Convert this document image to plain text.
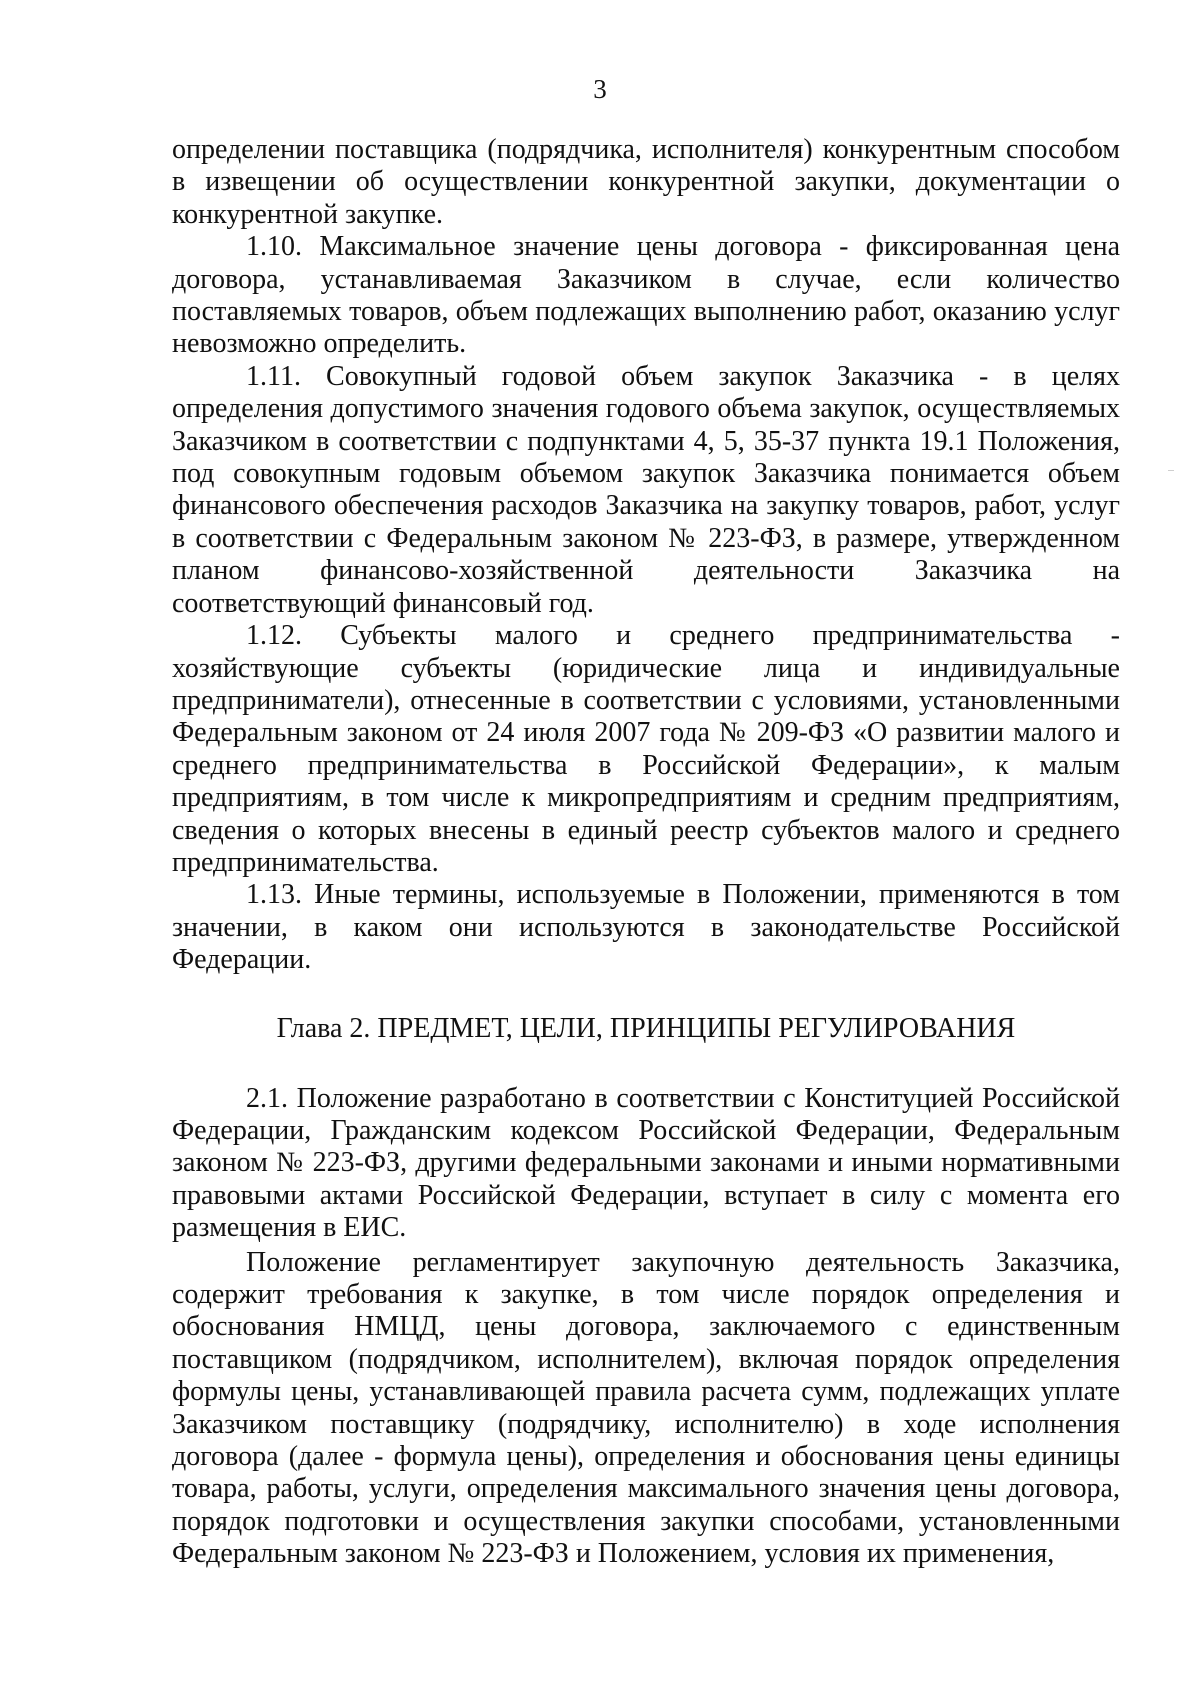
3

определении поставщика (подрядчика, исполнителя) конкурентным способом в извещении об осуществлении конкурентной закупки, документации о конкурентной закупке.

1.10. Максимальное значение цены договора - фиксированная цена договора, устанавливаемая Заказчиком в случае, если количество поставляемых товаров, объем подлежащих выполнению работ, оказанию услуг невозможно определить.

1.11. Совокупный годовой объем закупок Заказчика - в целях определения допустимого значения годового объема закупок, осуществляемых Заказчиком в соответствии с подпунктами 4, 5, 35-37 пункта 19.1 Положения, под совокупным годовым объемом закупок Заказчика понимается объем финансового обеспечения расходов Заказчика на закупку товаров, работ, услуг в соответствии с Федеральным законом № 223-ФЗ, в размере, утвержденном планом финансово-хозяйственной деятельности Заказчика на соответствующий финансовый год.

1.12. Субъекты малого и среднего предпринимательства - хозяйствующие субъекты (юридические лица и индивидуальные предприниматели), отнесенные в соответствии с условиями, установленными Федеральным законом от 24 июля 2007 года № 209-ФЗ «О развитии малого и среднего предпринимательства в Российской Федерации», к малым предприятиям, в том числе к микропредприятиям и средним предприятиям, сведения о которых внесены в единый реестр субъектов малого и среднего предпринимательства.

1.13. Иные термины, используемые в Положении, применяются в том значении, в каком они используются в законодательстве Российской Федерации.

Глава 2. ПРЕДМЕТ, ЦЕЛИ, ПРИНЦИПЫ РЕГУЛИРОВАНИЯ

2.1. Положение разработано в соответствии с Конституцией Российской Федерации, Гражданским кодексом Российской Федерации, Федеральным законом № 223-ФЗ, другими федеральными законами и иными нормативными правовыми актами Российской Федерации, вступает в силу с момента его размещения в ЕИС.

Положение регламентирует закупочную деятельность Заказчика, содержит требования к закупке, в том числе порядок определения и обоснования НМЦД, цены договора, заключаемого с единственным поставщиком (подрядчиком, исполнителем), включая порядок определения формулы цены, устанавливающей правила расчета сумм, подлежащих уплате Заказчиком поставщику (подрядчику, исполнителю) в ходе исполнения договора (далее - формула цены), определения и обоснования цены единицы товара, работы, услуги, определения максимального значения цены договора, порядок подготовки и осуществления закупки способами, установленными Федеральным законом № 223-ФЗ и Положением, условия их применения,
